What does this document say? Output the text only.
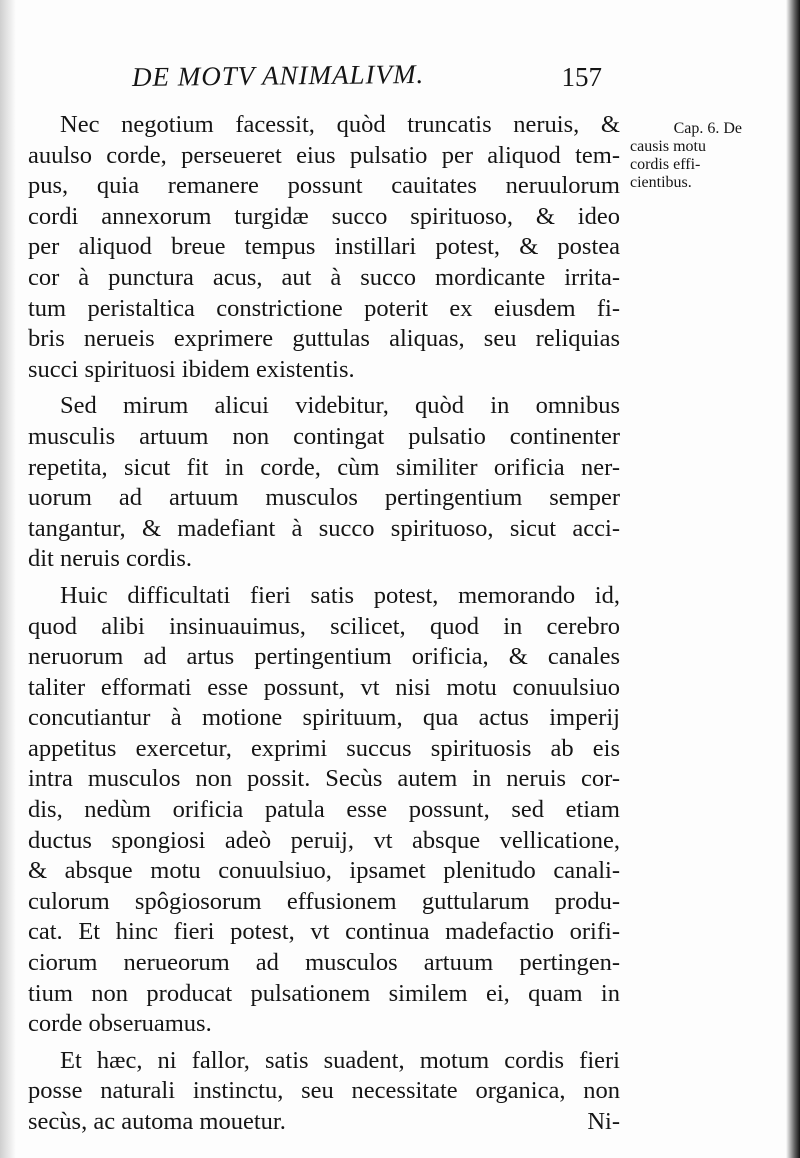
DE MOTV ANIMALIVM.	157
Cap. 6. De
causis motu
cordis effi-
cientibus.
Nec negotium facessit, quòd truncatis neruis, &
auulso corde, perseueret eius pulsatio per aliquod tem-
pus, quia remanere possunt cauitates neruulorum
cordi annexorum turgidæ succo spirituoso, & ideo
per aliquod breue tempus instillari potest, & postea
cor à punctura acus, aut à succo mordicante irrita-
tum peristaltica constrictione poterit ex eiusdem fi-
bris nerueis exprimere guttulas aliquas, seu reliquias
succi spirituosi ibidem existentis.
Sed mirum alicui videbitur, quòd in omnibus
musculis artuum non contingat pulsatio continenter
repetita, sicut fit in corde, cùm similiter orificia ner-
uorum ad artuum musculos pertingentium semper
tangantur, & madefiant à succo spirituoso, sicut acci-
dit neruis cordis.
Huic difficultati fieri satis potest, memorando id,
quod alibi insinuauimus, scilicet, quod in cerebro
neruorum ad artus pertingentium orificia, & canales
taliter efformati esse possunt, vt nisi motu conuulsiuo
concutiantur à motione spirituum, qua actus imperij
appetitus exercetur, exprimi succus spirituosis ab eis
intra musculos non possit. Secùs autem in neruis cor-
dis, nedùm orificia patula esse possunt, sed etiam
ductus spongiosi adeò peruij, vt absque vellicatione,
& absque motu conuulsiuo, ipsamet plenitudo canali-
culorum spôgiosorum effusionem guttularum produ-
cat. Et hinc fieri potest, vt continua madefactio orifi-
ciorum nerueorum ad musculos artuum pertingen-
tium non producat pulsationem similem ei, quam in
corde obseruamus.
Et hæc, ni fallor, satis suadent, motum cordis fieri
posse naturali instinctu, seu necessitate organica, non
secùs, ac automa mouetur.	Ni-
